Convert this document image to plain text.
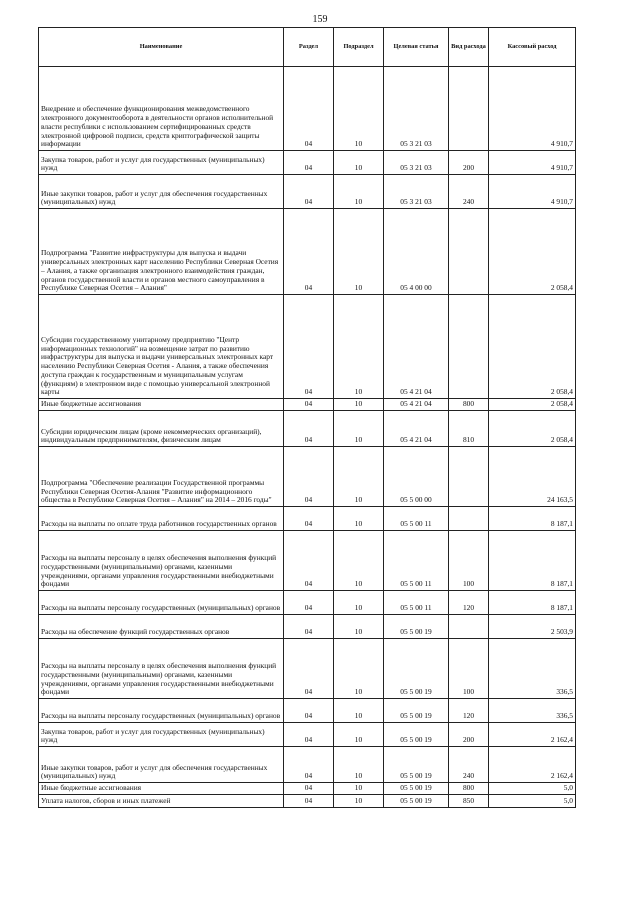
159
Наименование	Раздел	Подраздел	Целевая статья	Вид расхода	Кассовый расход
Внедрение и обеспечение функционирования межведомственного электронного документооборота в деятельности органов исполнительной власти республики с использованием сертифицированных средств электронной цифровой подписи, средств криптографической защиты информации	04	10	05 3 21 03		4 910,7
Закупка товаров, работ и услуг для государственных (муниципальных) нужд	04	10	05 3 21 03	200	4 910,7
Иные закупки товаров, работ и услуг для обеспечения государственных (муниципальных) нужд	04	10	05 3 21 03	240	4 910,7
Подпрограмма "Развитие инфраструктуры для выпуска и выдачи универсальных электронных карт населению Республики Северная Осетия – Алания, а также организация электронного взаимодействия граждан, органов государственной власти и органов местного самоуправления в Республике Северная Осетия – Алания"	04	10	05 4 00 00		2 058,4
Субсидии государственному унитарному предприятию "Центр информационных технологий" на возмещение затрат по развитию инфраструктуры для выпуска и выдачи универсальных электронных карт населению Республики Северная Осетия - Алания, а также обеспечения доступа граждан к государственным и муниципальным услугам (функциям) в электронном виде с помощью универсальной электронной карты	04	10	05 4 21 04		2 058,4
Иные бюджетные ассигнования	04	10	05 4 21 04	800	2 058,4
Субсидии юридическим лицам (кроме некоммерческих организаций), индивидуальным предпринимателям, физическим лицам	04	10	05 4 21 04	810	2 058,4
Подпрограмма "Обеспечение реализации Государственной программы Республики Северная Осетия-Алания "Развитие информационного общества в Республике Северная Осетия – Алания" на 2014 – 2016 годы"	04	10	05 5 00 00		24 163,5
Расходы на выплаты по оплате труда работников государственных органов	04	10	05 5 00 11		8 187,1
Расходы на выплаты персоналу в целях обеспечения выполнения функций государственными (муниципальными) органами, казенными учреждениями, органами управления государственными внебюджетными фондами	04	10	05 5 00 11	100	8 187,1
Расходы на выплаты персоналу государственных (муниципальных) органов	04	10	05 5 00 11	120	8 187,1
Расходы на обеспечение функций государственных органов	04	10	05 5 00 19		2 503,9
Расходы на выплаты персоналу в целях обеспечения выполнения функций государственными (муниципальными) органами, казенными учреждениями, органами управления государственными внебюджетными фондами	04	10	05 5 00 19	100	336,5
Расходы на выплаты персоналу государственных (муниципальных) органов	04	10	05 5 00 19	120	336,5
Закупка товаров, работ и услуг для государственных (муниципальных) нужд	04	10	05 5 00 19	200	2 162,4
Иные закупки товаров, работ и услуг для обеспечения государственных (муниципальных) нужд	04	10	05 5 00 19	240	2 162,4
Иные бюджетные ассигнования	04	10	05 5 00 19	800	5,0
Уплата налогов, сборов и иных платежей	04	10	05 5 00 19	850	5,0
